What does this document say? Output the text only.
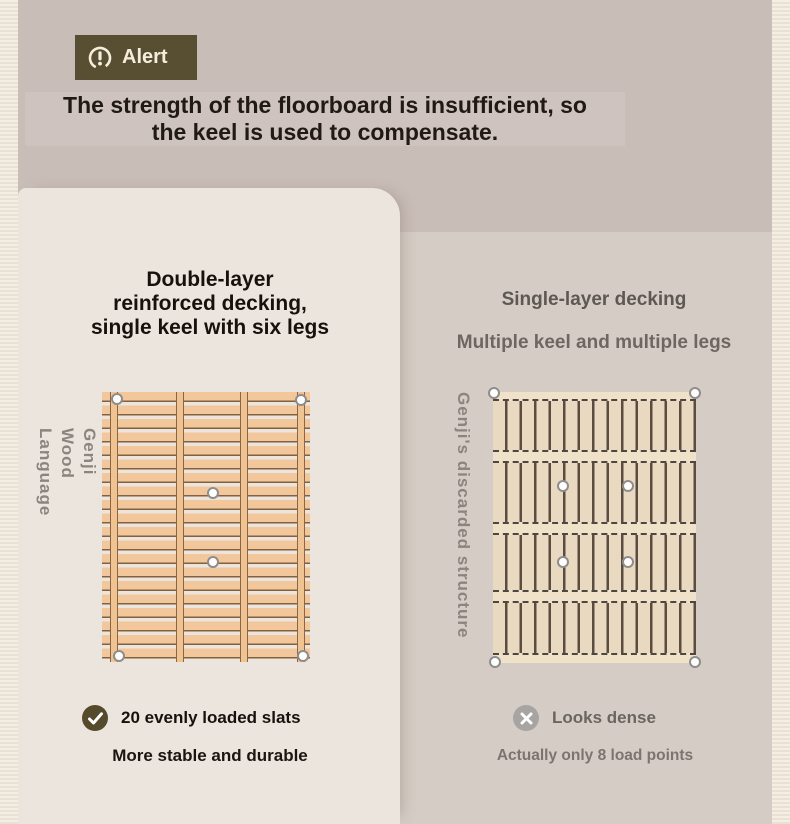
Alert
The strength of the floorboard is insufficient, so
the keel is used to compensate.
Double-layer
reinforced decking,
single keel with six legs
Single-layer decking
Multiple keel and multiple legs
Genji Wood Language	Genji's discarded structure
20 evenly loaded slats
More stable and durable
Looks dense
Actually only 8 load points
